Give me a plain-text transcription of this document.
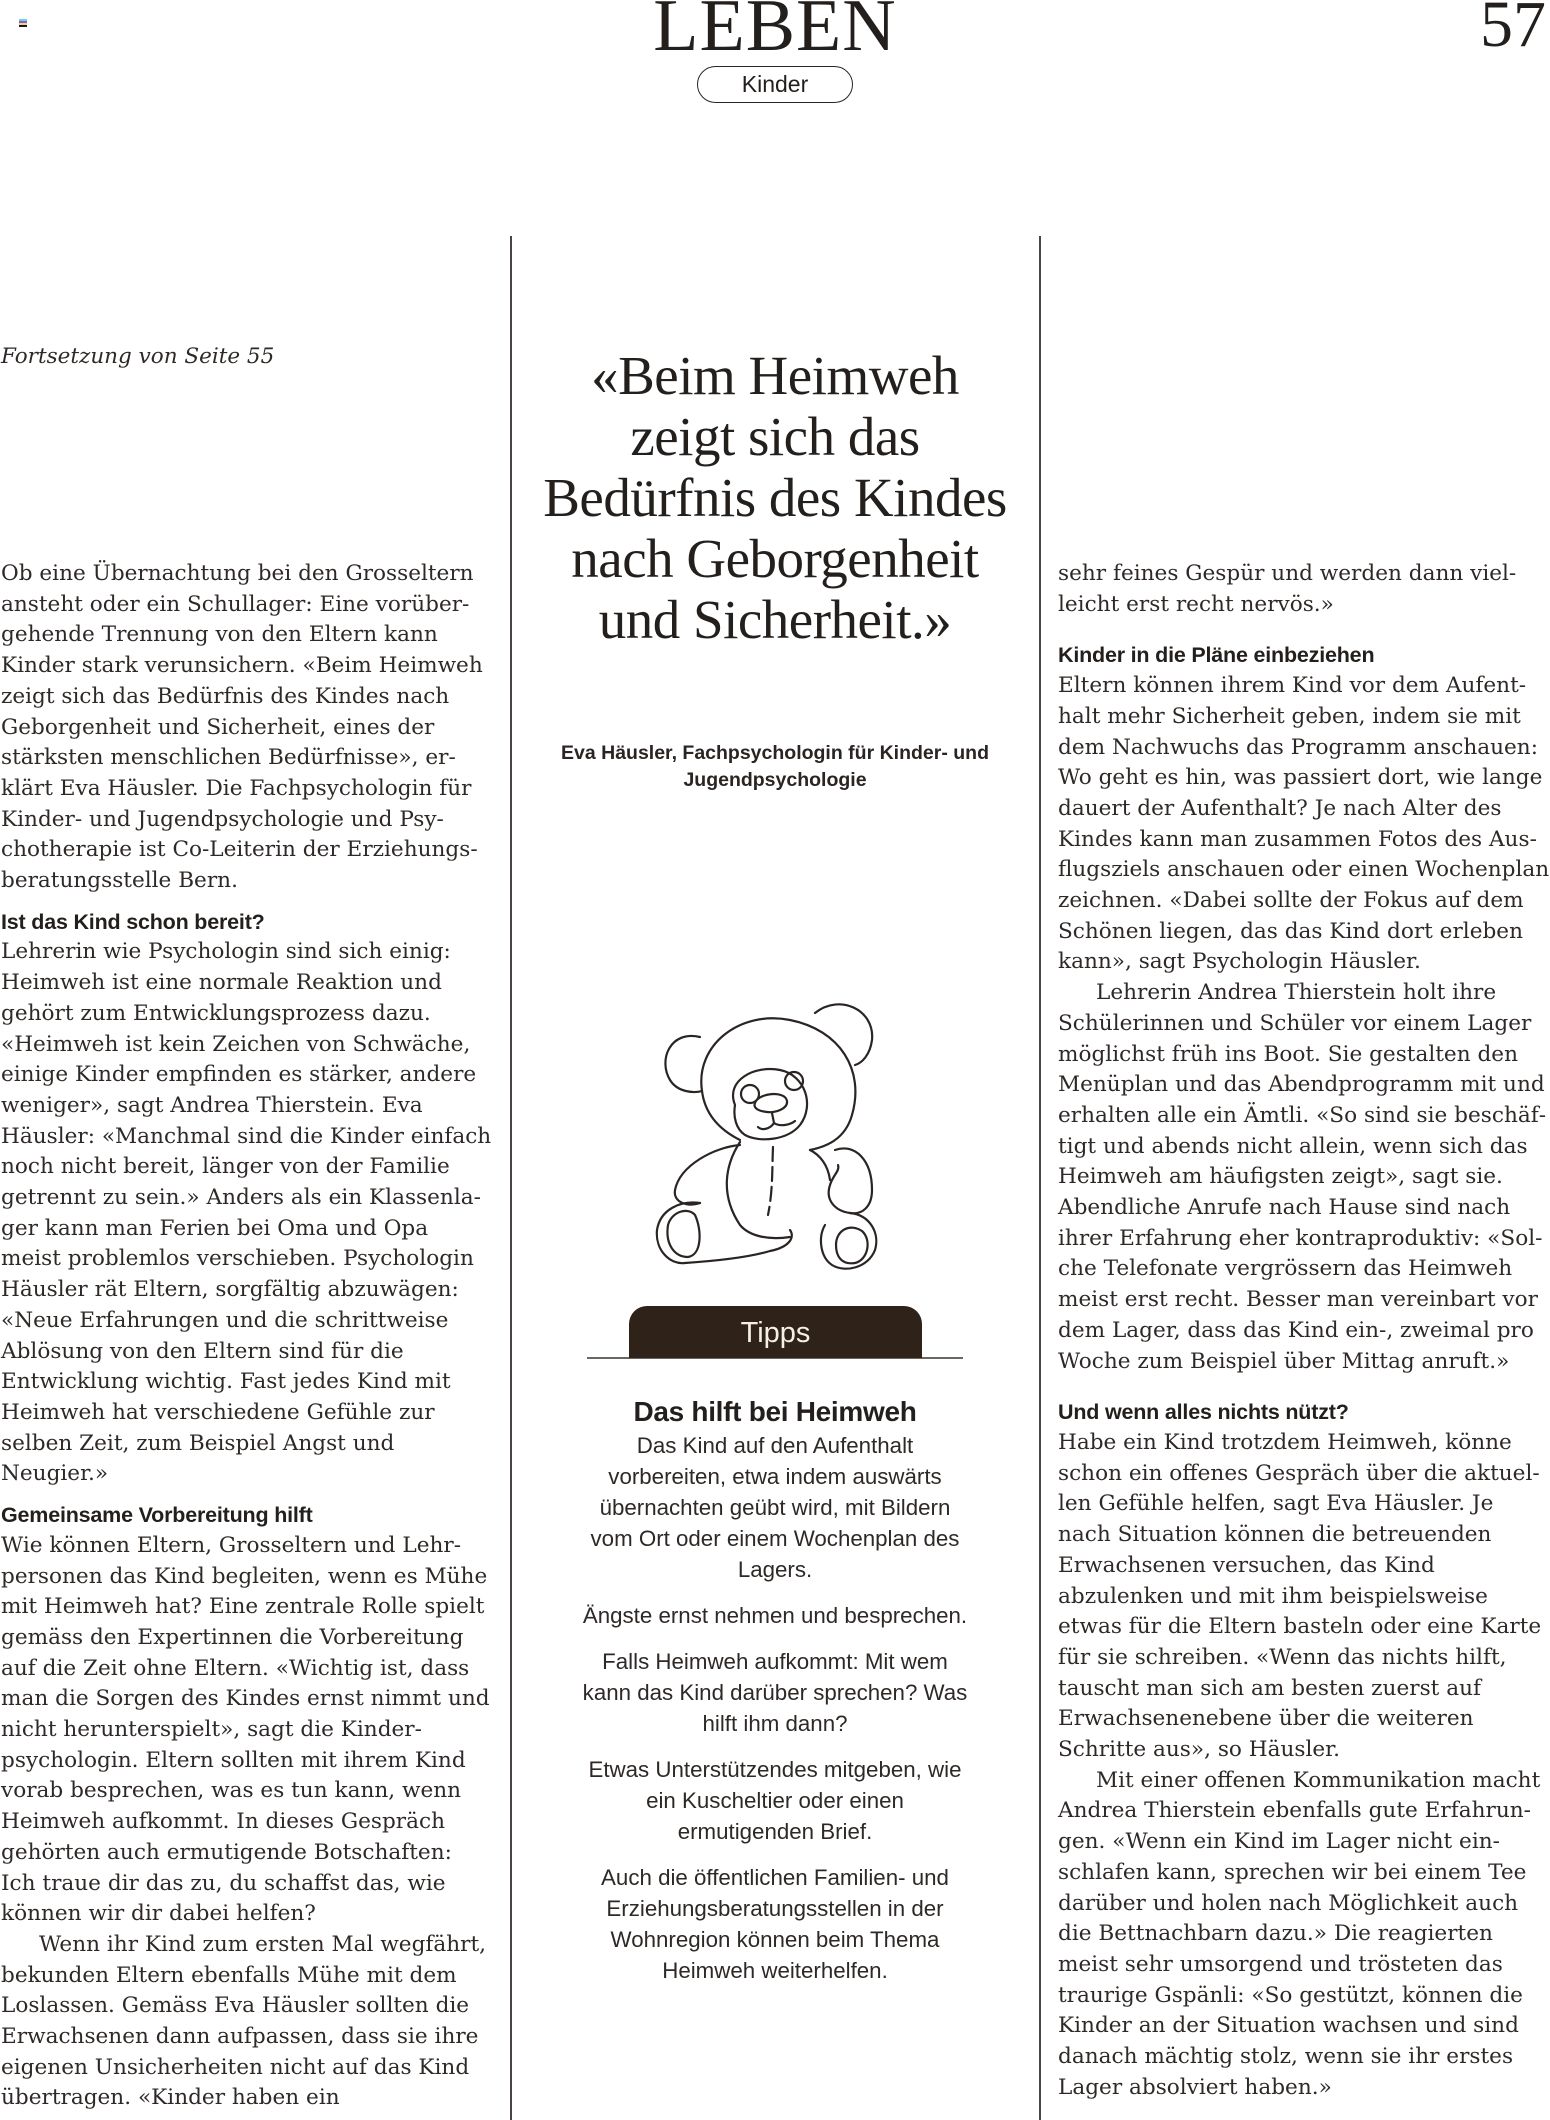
LEBEN
Kinder
57
Fortsetzung von Seite 55

Ob eine Übernachtung bei den Grosseltern ansteht oder ein Schullager: Eine vorübergehende Trennung von den Eltern kann Kinder stark verunsichern. «Beim Heimweh zeigt sich das Bedürfnis des Kindes nach Geborgenheit und Sicherheit, eines der stärksten menschlichen Bedürfnisse», erklärt Eva Häusler. Die Fachpsychologin für Kinder- und Jugendpsychologie und Psychotherapie ist Co-Leiterin der Erziehungsberatungsstelle Bern.

Ist das Kind schon bereit?

Lehrerin wie Psychologin sind sich einig: Heimweh ist eine normale Reaktion und gehört zum Entwicklungsprozess dazu. «Heimweh ist kein Zeichen von Schwäche, einige Kinder empfinden es stärker, andere weniger», sagt Andrea Thierstein. Eva Häusler: «Manchmal sind die Kinder einfach noch nicht bereit, länger von der Familie getrennt zu sein.» Anders als ein Klassenlager kann man Ferien bei Oma und Opa meist problemlos verschieben. Psychologin Häusler rät Eltern, sorgfältig abzuwägen: «Neue Erfahrungen und die schrittweise Ablösung von den Eltern sind für die Entwicklung wichtig. Fast jedes Kind mit Heimweh hat verschiedene Gefühle zur selben Zeit, zum Beispiel Angst und Neugier.»

Gemeinsame Vorbereitung hilft

Wie können Eltern, Grosseltern und Lehrpersonen das Kind begleiten, wenn es Mühe mit Heimweh hat? Eine zentrale Rolle spielt gemäss den Expertinnen die Vorbereitung auf die Zeit ohne Eltern. «Wichtig ist, dass man die Sorgen des Kindes ernst nimmt und nicht herunterspielt», sagt die Kinderpsychologin. Eltern sollten mit ihrem Kind vorab besprechen, was es tun kann, wenn Heimweh aufkommt. In dieses Gespräch gehörten auch ermutigende Botschaften: Ich traue dir das zu, du schaffst das, wie können wir dir dabei helfen?

Wenn ihr Kind zum ersten Mal wegfährt, bekunden Eltern ebenfalls Mühe mit dem Loslassen. Gemäss Eva Häusler sollten die Erwachsenen dann aufpassen, dass sie ihre eigenen Unsicherheiten nicht auf das Kind übertragen. «Kinder haben ein

«Beim Heimweh zeigt sich das Bedürfnis des Kindes nach Geborgenheit und Sicherheit.»
Eva Häusler, Fachpsychologin für Kinder- und Jugendpsychologie
Tipps
Das hilft bei Heimweh

Das Kind auf den Aufenthalt vorbereiten, etwa indem auswärts übernachten geübt wird, mit Bildern vom Ort oder einem Wochenplan des Lagers.

Ängste ernst nehmen und besprechen.

Falls Heimweh aufkommt: Mit wem kann das Kind darüber sprechen? Was hilft ihm dann?

Etwas Unterstützendes mitgeben, wie ein Kuscheltier oder einen ermutigenden Brief.

Auch die öffentlichen Familien- und Erziehungsberatungsstellen in der Wohnregion können beim Thema Heimweh weiterhelfen.

sehr feines Gespür und werden dann vielleicht erst recht nervös.»

Kinder in die Pläne einbeziehen

Eltern können ihrem Kind vor dem Aufenthalt mehr Sicherheit geben, indem sie mit dem Nachwuchs das Programm anschauen: Wo geht es hin, was passiert dort, wie lange dauert der Aufenthalt? Je nach Alter des Kindes kann man zusammen Fotos des Ausflugsziels anschauen oder einen Wochenplan zeichnen. «Dabei sollte der Fokus auf dem Schönen liegen, das das Kind dort erleben kann», sagt Psychologin Häusler.

Lehrerin Andrea Thierstein holt ihre Schülerinnen und Schüler vor einem Lager möglichst früh ins Boot. Sie gestalten den Menüplan und das Abendprogramm mit und erhalten alle ein Ämtli. «So sind sie beschäftigt und abends nicht allein, wenn sich das Heimweh am häufigsten zeigt», sagt sie. Abendliche Anrufe nach Hause sind nach ihrer Erfahrung eher kontraproduktiv: «Solche Telefonate vergrössern das Heimweh meist erst recht. Besser man vereinbart vor dem Lager, dass das Kind ein-, zweimal pro Woche zum Beispiel über Mittag anruft.»

Und wenn alles nichts nützt?

Habe ein Kind trotzdem Heimweh, könne schon ein offenes Gespräch über die aktuellen Gefühle helfen, sagt Eva Häusler. Je nach Situation können die betreuenden Erwachsenen versuchen, das Kind abzulenken und mit ihm beispielsweise etwas für die Eltern basteln oder eine Karte für sie schreiben. «Wenn das nichts hilft, tauscht man sich am besten zuerst auf Erwachsenenebene über die weiteren Schritte aus», so Häusler.

Mit einer offenen Kommunikation macht Andrea Thierstein ebenfalls gute Erfahrungen. «Wenn ein Kind im Lager nicht einschlafen kann, sprechen wir bei einem Tee darüber und holen nach Möglichkeit auch die Bettnachbarn dazu.» Die reagierten meist sehr umsorgend und trösteten das traurige Gspänli: «So gestützt, können die Kinder an der Situation wachsen und sind danach mächtig stolz, wenn sie ihr erstes Lager absolviert haben.»
